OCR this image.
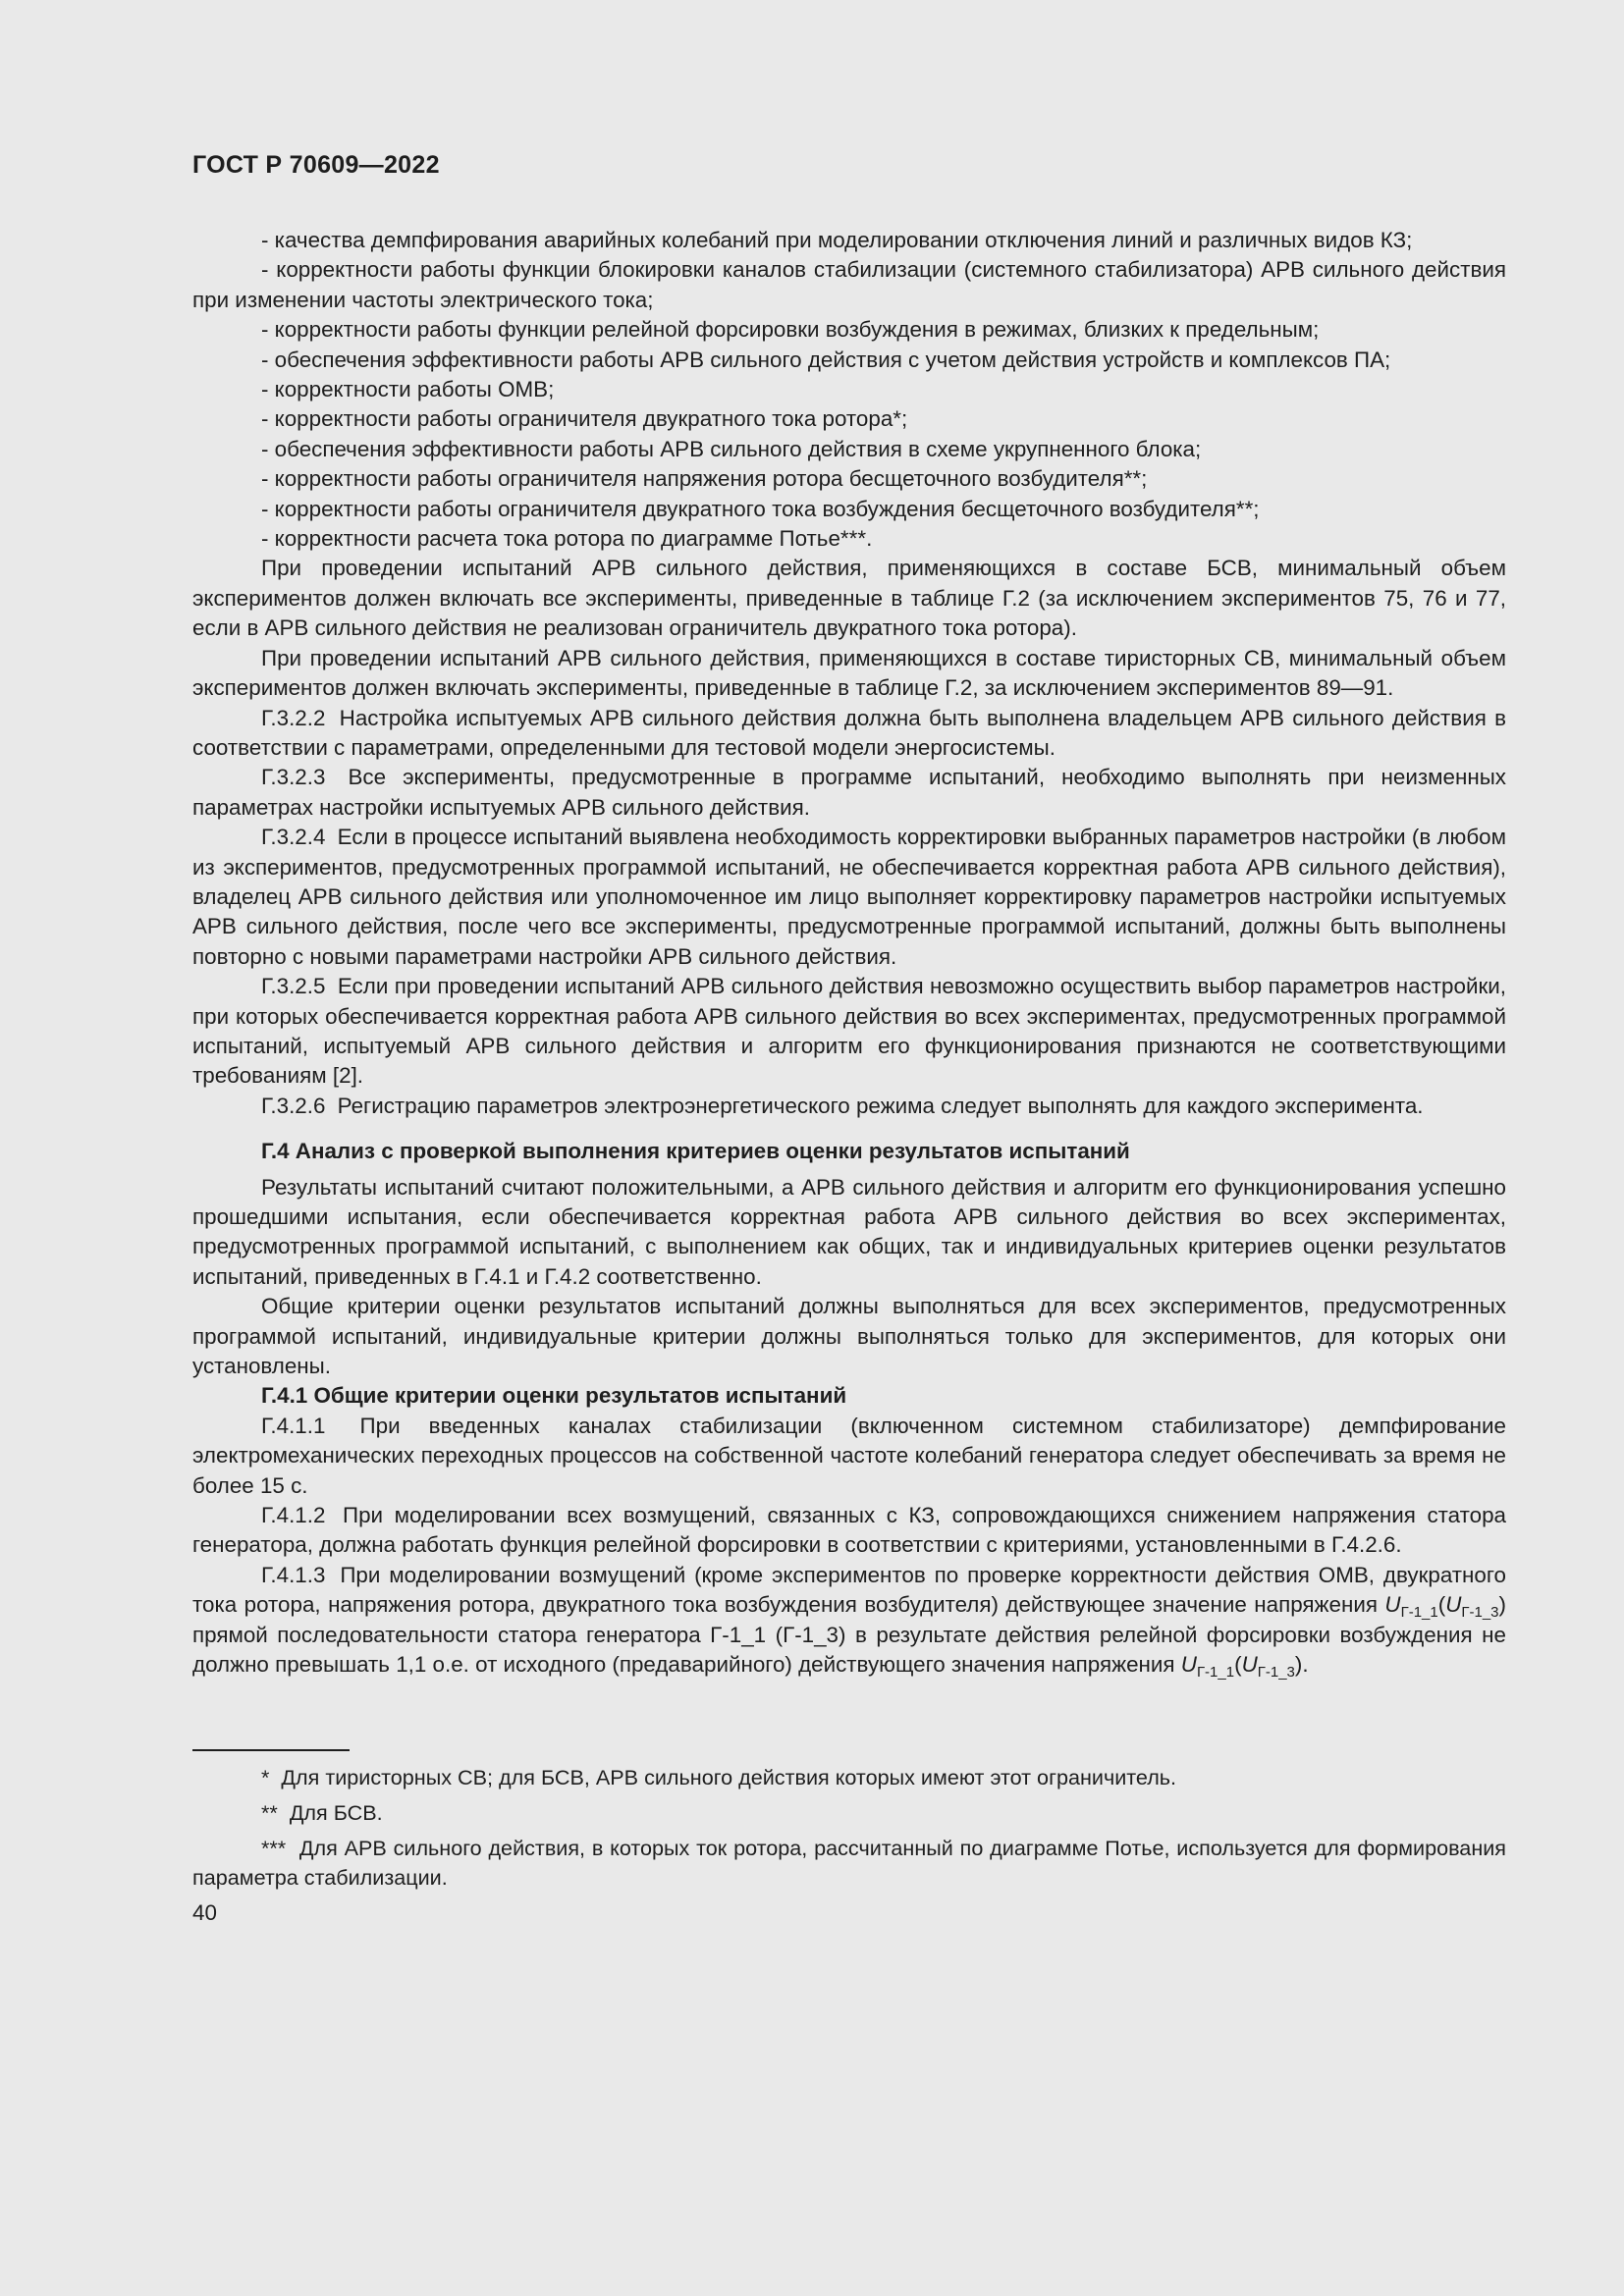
ГОСТ Р 70609—2022

- качества демпфирования аварийных колебаний при моделировании отключения линий и различных видов КЗ;

- корректности работы функции блокировки каналов стабилизации (системного стабилизатора) АРВ сильного действия при изменении частоты электрического тока;

- корректности работы функции релейной форсировки возбуждения в режимах, близких к предельным;

- обеспечения эффективности работы АРВ сильного действия с учетом действия устройств и комплексов ПА;

- корректности работы ОМВ;

- корректности работы ограничителя двукратного тока ротора*;

- обеспечения эффективности работы АРВ сильного действия в схеме укрупненного блока;

- корректности работы ограничителя напряжения ротора бесщеточного возбудителя**;

- корректности работы ограничителя двукратного тока возбуждения бесщеточного возбудителя**;

- корректности расчета тока ротора по диаграмме Потье***.

При проведении испытаний АРВ сильного действия, применяющихся в составе БСВ, минимальный объем экспериментов должен включать все эксперименты, приведенные в таблице Г.2 (за исключением экспериментов 75, 76 и 77, если в АРВ сильного действия не реализован ограничитель двукратного тока ротора).

При проведении испытаний АРВ сильного действия, применяющихся в составе тиристорных СВ, минимальный объем экспериментов должен включать эксперименты, приведенные в таблице Г.2, за исключением экспериментов 89—91.

Г.3.2.2 Настройка испытуемых АРВ сильного действия должна быть выполнена владельцем АРВ сильного действия в соответствии с параметрами, определенными для тестовой модели энергосистемы.

Г.3.2.3 Все эксперименты, предусмотренные в программе испытаний, необходимо выполнять при неизменных параметрах настройки испытуемых АРВ сильного действия.

Г.3.2.4 Если в процессе испытаний выявлена необходимость корректировки выбранных параметров настройки (в любом из экспериментов, предусмотренных программой испытаний, не обеспечивается корректная работа АРВ сильного действия), владелец АРВ сильного действия или уполномоченное им лицо выполняет корректировку параметров настройки испытуемых АРВ сильного действия, после чего все эксперименты, предусмотренные программой испытаний, должны быть выполнены повторно с новыми параметрами настройки АРВ сильного действия.

Г.3.2.5 Если при проведении испытаний АРВ сильного действия невозможно осуществить выбор параметров настройки, при которых обеспечивается корректная работа АРВ сильного действия во всех экспериментах, предусмотренных программой испытаний, испытуемый АРВ сильного действия и алгоритм его функционирования признаются не соответствующими требованиям [2].

Г.3.2.6 Регистрацию параметров электроэнергетического режима следует выполнять для каждого эксперимента.

Г.4 Анализ с проверкой выполнения критериев оценки результатов испытаний

Результаты испытаний считают положительными, а АРВ сильного действия и алгоритм его функционирования успешно прошедшими испытания, если обеспечивается корректная работа АРВ сильного действия во всех экспериментах, предусмотренных программой испытаний, с выполнением как общих, так и индивидуальных критериев оценки результатов испытаний, приведенных в Г.4.1 и Г.4.2 соответственно.

Общие критерии оценки результатов испытаний должны выполняться для всех экспериментов, предусмотренных программой испытаний, индивидуальные критерии должны выполняться только для экспериментов, для которых они установлены.

Г.4.1 Общие критерии оценки результатов испытаний

Г.4.1.1 При введенных каналах стабилизации (включенном системном стабилизаторе) демпфирование электромеханических переходных процессов на собственной частоте колебаний генератора следует обеспечивать за время не более 15 с.

Г.4.1.2 При моделировании всех возмущений, связанных с КЗ, сопровождающихся снижением напряжения статора генератора, должна работать функция релейной форсировки в соответствии с критериями, установленными в Г.4.2.6.

Г.4.1.3 При моделировании возмущений (кроме экспериментов по проверке корректности действия ОМВ, двукратного тока ротора, напряжения ротора, двукратного тока возбуждения возбудителя) действующее значение напряжения $U_{Г-1\_1}(U_{Г-1\_3})$ прямой последовательности статора генератора Г-1_1 (Г-1_3) в результате действия релейной форсировки возбуждения не должно превышать 1,1 о.е. от исходного (предаварийного) действующего значения напряжения $U_{Г-1\_1}(U_{Г-1\_3})$.

* Для тиристорных СВ; для БСВ, АРВ сильного действия которых имеют этот ограничитель.

** Для БСВ.

*** Для АРВ сильного действия, в которых ток ротора, рассчитанный по диаграмме Потье, используется для формирования параметра стабилизации.

40
